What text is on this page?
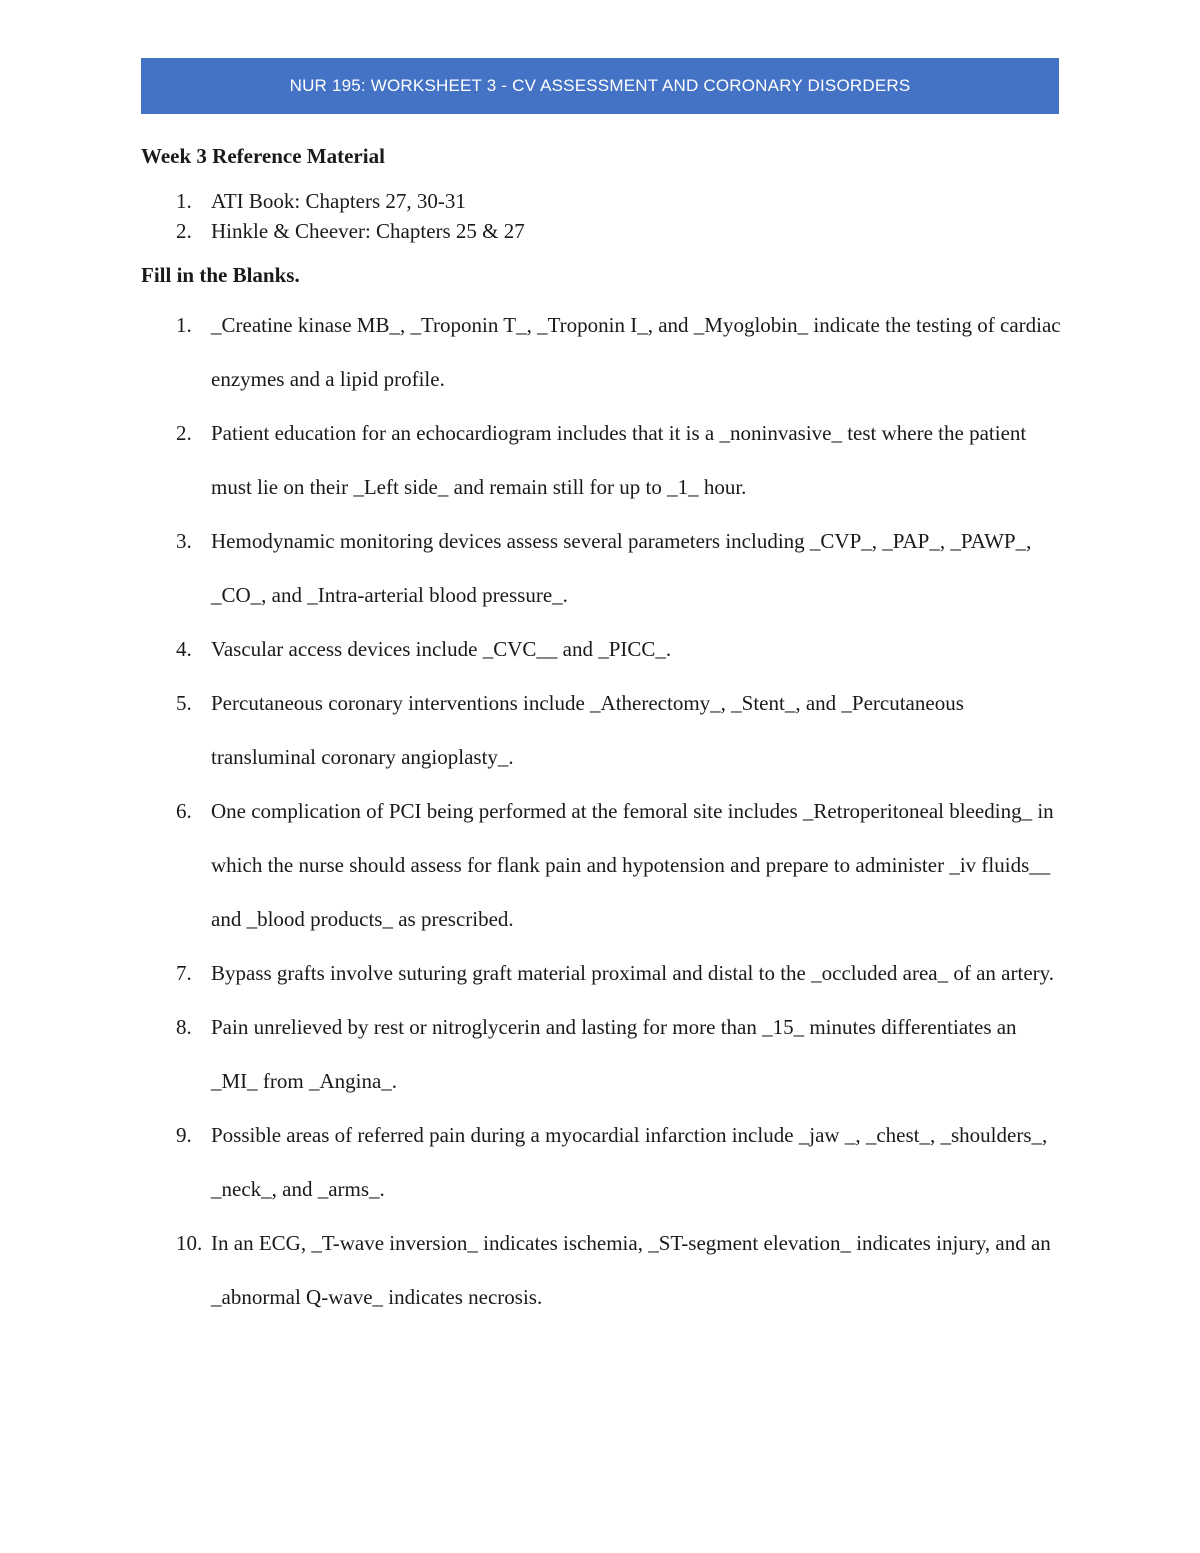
NUR 195: WORKSHEET 3 - CV ASSESSMENT AND CORONARY DISORDERS
Week 3 Reference Material
1. ATI Book: Chapters 27, 30-31
2. Hinkle & Cheever: Chapters 25 & 27
Fill in the Blanks.
1. _Creatine kinase MB_, _Troponin T_, _Troponin I_, and _Myoglobin_ indicate the testing of cardiac enzymes and a lipid profile.
2. Patient education for an echocardiogram includes that it is a _noninvasive_ test where the patient must lie on their _Left side_ and remain still for up to _1_ hour.
3. Hemodynamic monitoring devices assess several parameters including _CVP_, _PAP_, _PAWP_, _CO_, and _Intra-arterial blood pressure_.
4. Vascular access devices include _CVC__ and _PICC_.
5. Percutaneous coronary interventions include _Atherectomy_, _Stent_, and _Percutaneous transluminal coronary angioplasty_.
6. One complication of PCI being performed at the femoral site includes _Retroperitoneal bleeding_ in which the nurse should assess for flank pain and hypotension and prepare to administer _iv fluids__ and _blood products_ as prescribed.
7. Bypass grafts involve suturing graft material proximal and distal to the _occluded area_ of an artery.
8. Pain unrelieved by rest or nitroglycerin and lasting for more than _15_ minutes differentiates an _MI_ from _Angina_.
9. Possible areas of referred pain during a myocardial infarction include _jaw _, _chest_, _shoulders_, _neck_, and _arms_.
10. In an ECG, _T-wave inversion_ indicates ischemia, _ST-segment elevation_ indicates injury, and an _abnormal Q-wave_ indicates necrosis.
